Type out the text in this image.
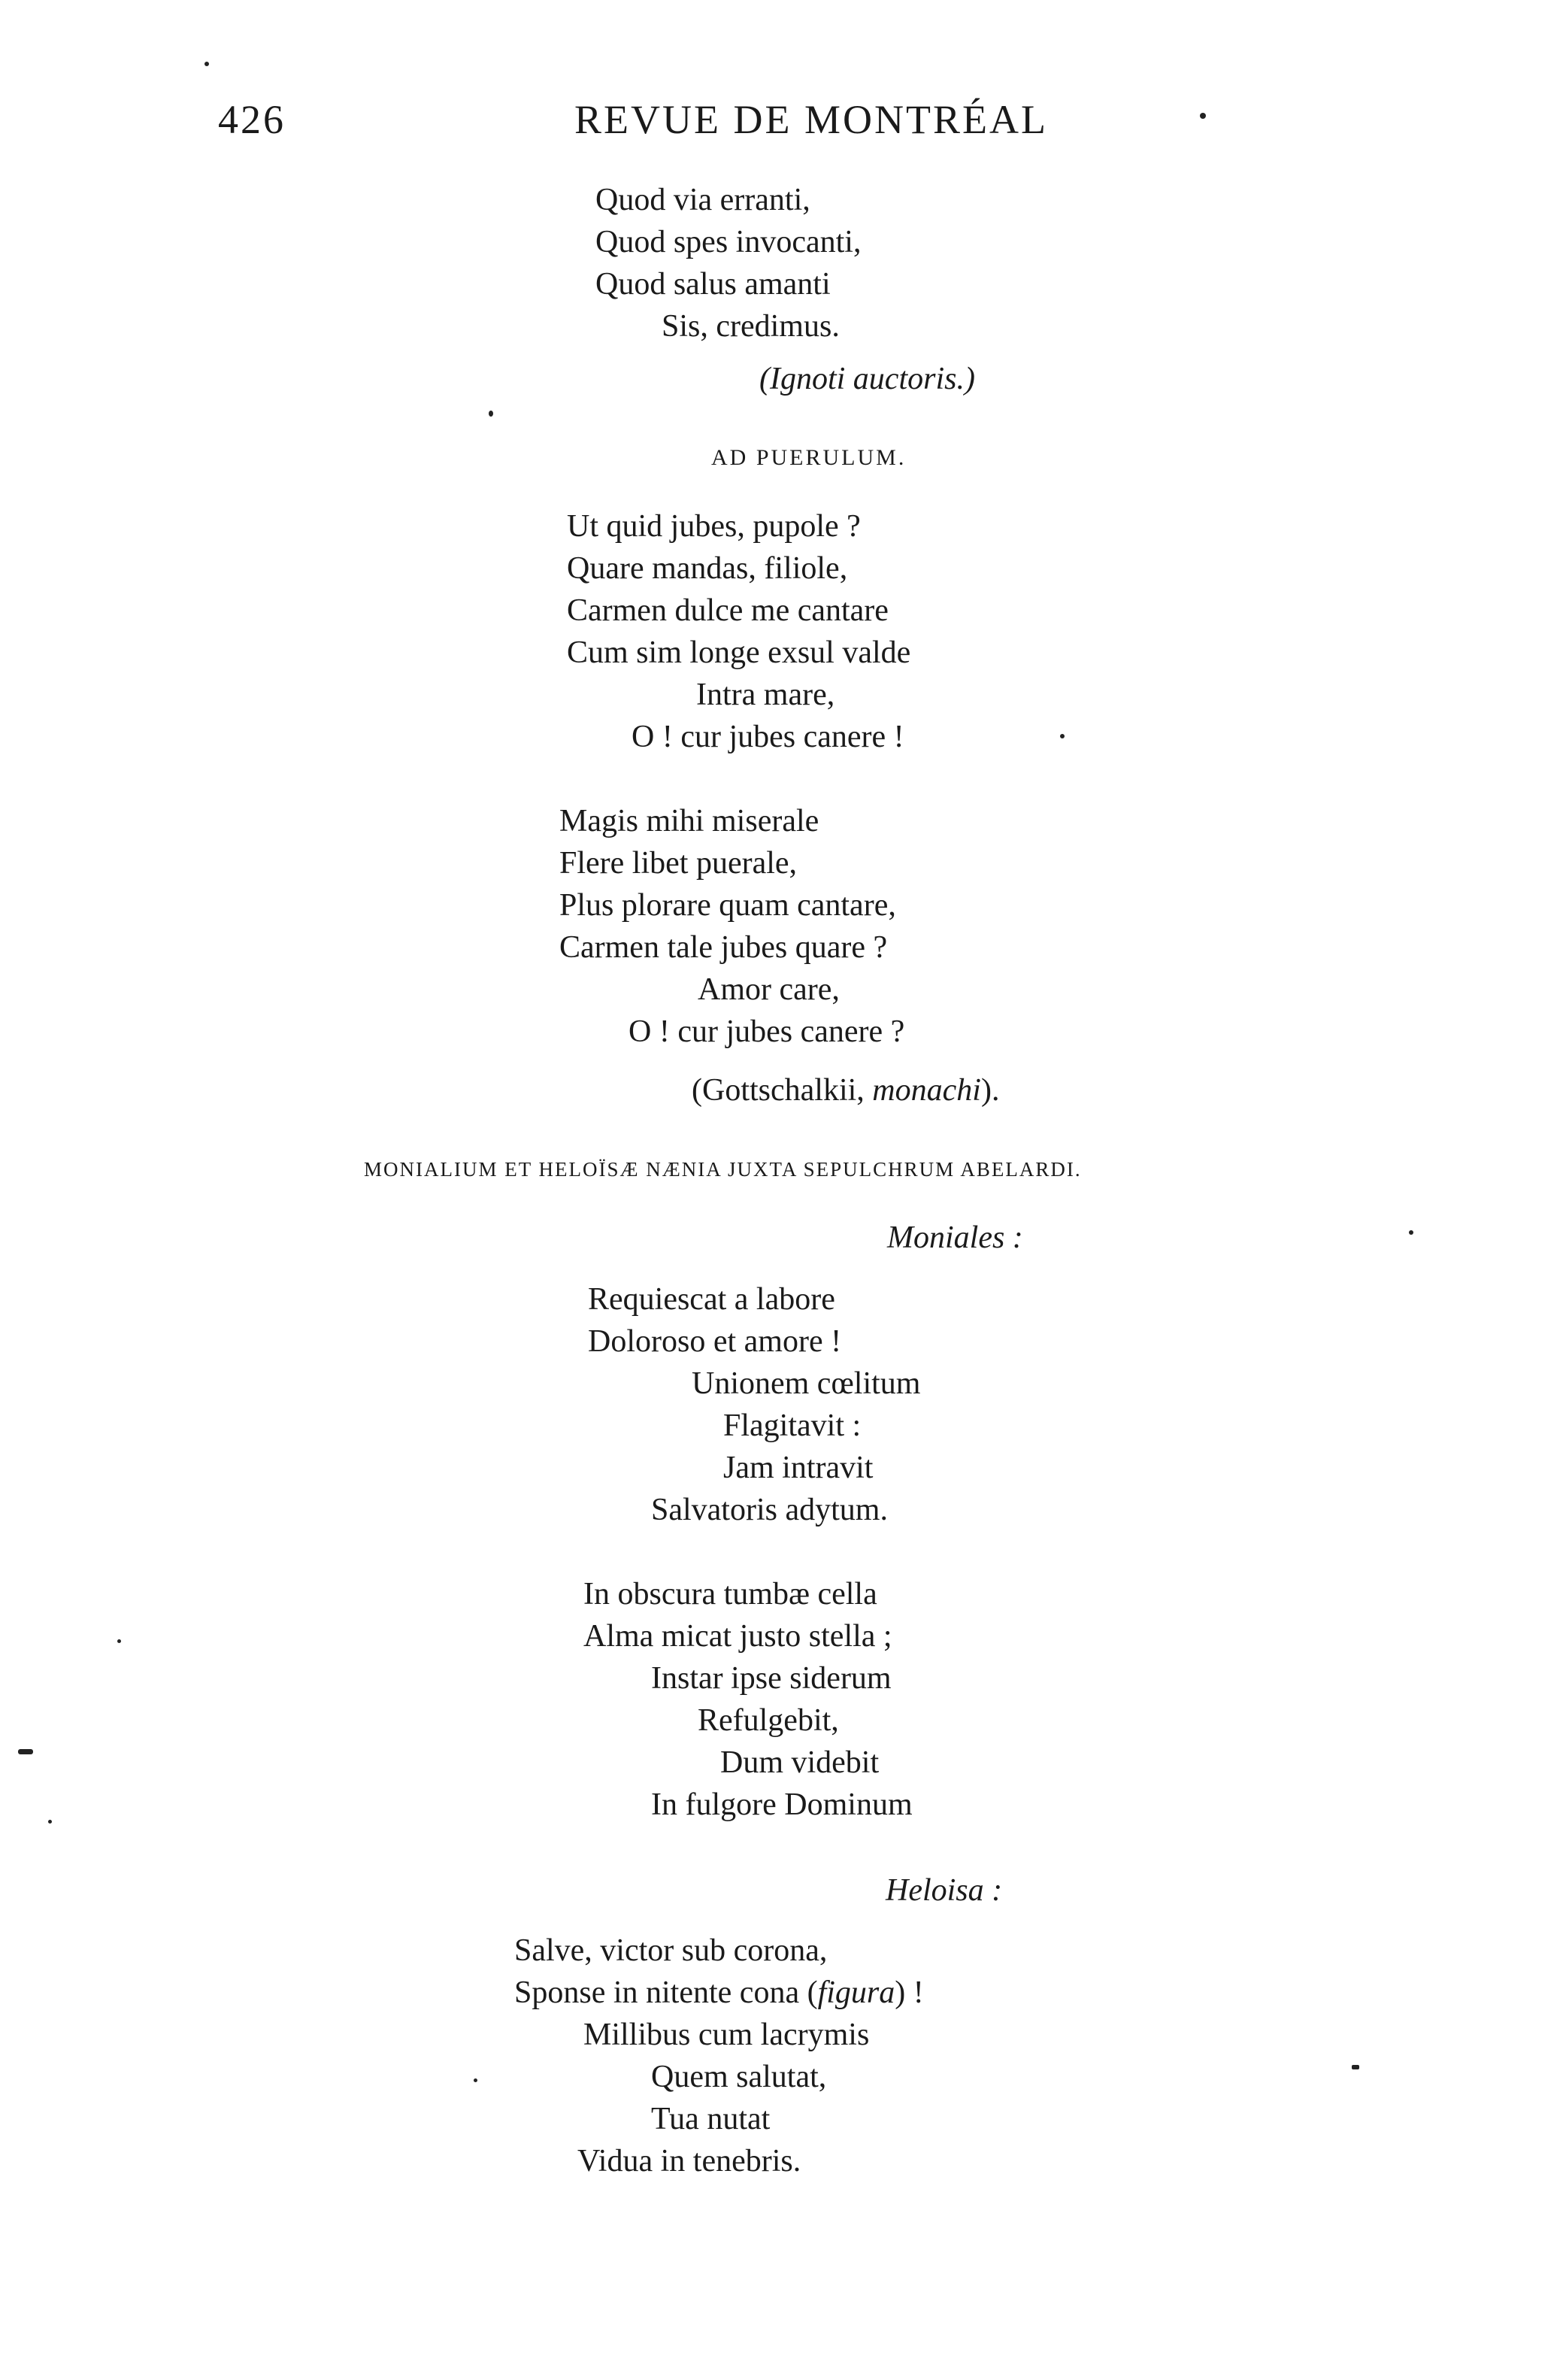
426	REVUE DE MONTRÉAL
Quod via erranti,
Quod spes invocanti,
Quod salus amanti
Sis, credimus.
(Ignoti auctoris.)
AD PUERULUM.
Ut quid jubes, pupole ?
Quare mandas, filiole,
Carmen dulce me cantare
Cum sim longe exsul valde
Intra mare,
O ! cur jubes canere !
Magis mihi miserale
Flere libet puerale,
Plus plorare quam cantare,
Carmen tale jubes quare ?
Amor care,
O ! cur jubes canere ?
(Gottschalkii, monachi).
MONIALIUM ET HELOÏSÆ NÆNIA JUXTA SEPULCHRUM ABELARDI.
Moniales :
Requiescat a labore
Doloroso et amore !
Unionem cœlitum
Flagitavit :
Jam intravit
Salvatoris adytum.
In obscura tumbæ cella
Alma micat justo stella ;
Instar ipse siderum
Refulgebit,
Dum videbit
In fulgore Dominum
Heloisa :
Salve, victor sub corona,
Sponse in nitente cona (figura) !
Millibus cum lacrymis
Quem salutat,
Tua nutat
Vidua in tenebris.
